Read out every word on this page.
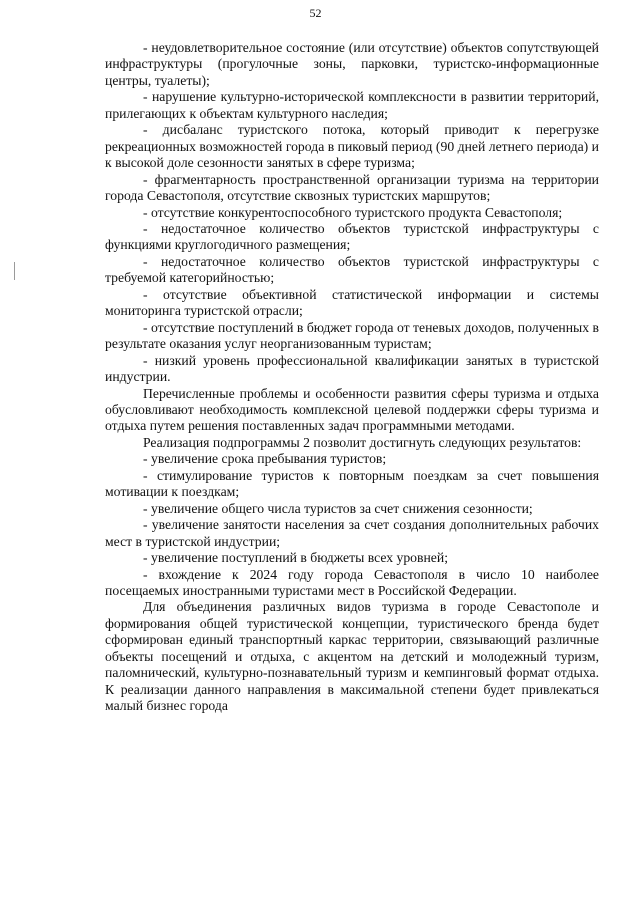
52

- неудовлетворительное состояние (или отсутствие) объектов сопутствующей инфраструктуры (прогулочные зоны, парковки, туристско-информационные центры, туалеты);

- нарушение культурно-исторической комплексности в развитии территорий, прилегающих к объектам культурного наследия;

- дисбаланс туристского потока, который приводит к перегрузке рекреационных возможностей города в пиковый период (90 дней летнего периода) и к высокой доле сезонности занятых в сфере туризма;

- фрагментарность пространственной организации туризма на территории города Севастополя, отсутствие сквозных туристских маршрутов;

- отсутствие конкурентоспособного туристского продукта Севастополя;

- недостаточное количество объектов туристской инфраструктуры с функциями круглогодичного размещения;

- недостаточное количество объектов туристской инфраструктуры с требуемой категорийностью;

- отсутствие объективной статистической информации и системы мониторинга туристской отрасли;

- отсутствие поступлений в бюджет города от теневых доходов, полученных в результате оказания услуг неорганизованным туристам;

- низкий уровень профессиональной квалификации занятых в туристской индустрии.

Перечисленные проблемы и особенности развития сферы туризма и отдыха обусловливают необходимость комплексной целевой поддержки сферы туризма и отдыха путем решения поставленных задач программными методами.

Реализация подпрограммы 2 позволит достигнуть следующих результатов:

- увеличение срока пребывания туристов;

- стимулирование туристов к повторным поездкам за счет повышения мотивации к поездкам;

- увеличение общего числа туристов за счет снижения сезонности;

- увеличение занятости населения за счет создания дополнительных рабочих мест в туристской индустрии;

- увеличение поступлений в бюджеты всех уровней;

- вхождение к 2024 году города Севастополя в число 10 наиболее посещаемых иностранными туристами мест в Российской Федерации.

Для объединения различных видов туризма в городе Севастополе и формирования общей туристической концепции, туристического бренда будет сформирован единый транспортный каркас территории, связывающий различные объекты посещений и отдыха, с акцентом на детский и молодежный туризм, паломнический, культурно-познавательный туризм и кемпинговый формат отдыха. К реализации данного направления в максимальной степени будет привлекаться малый бизнес города
